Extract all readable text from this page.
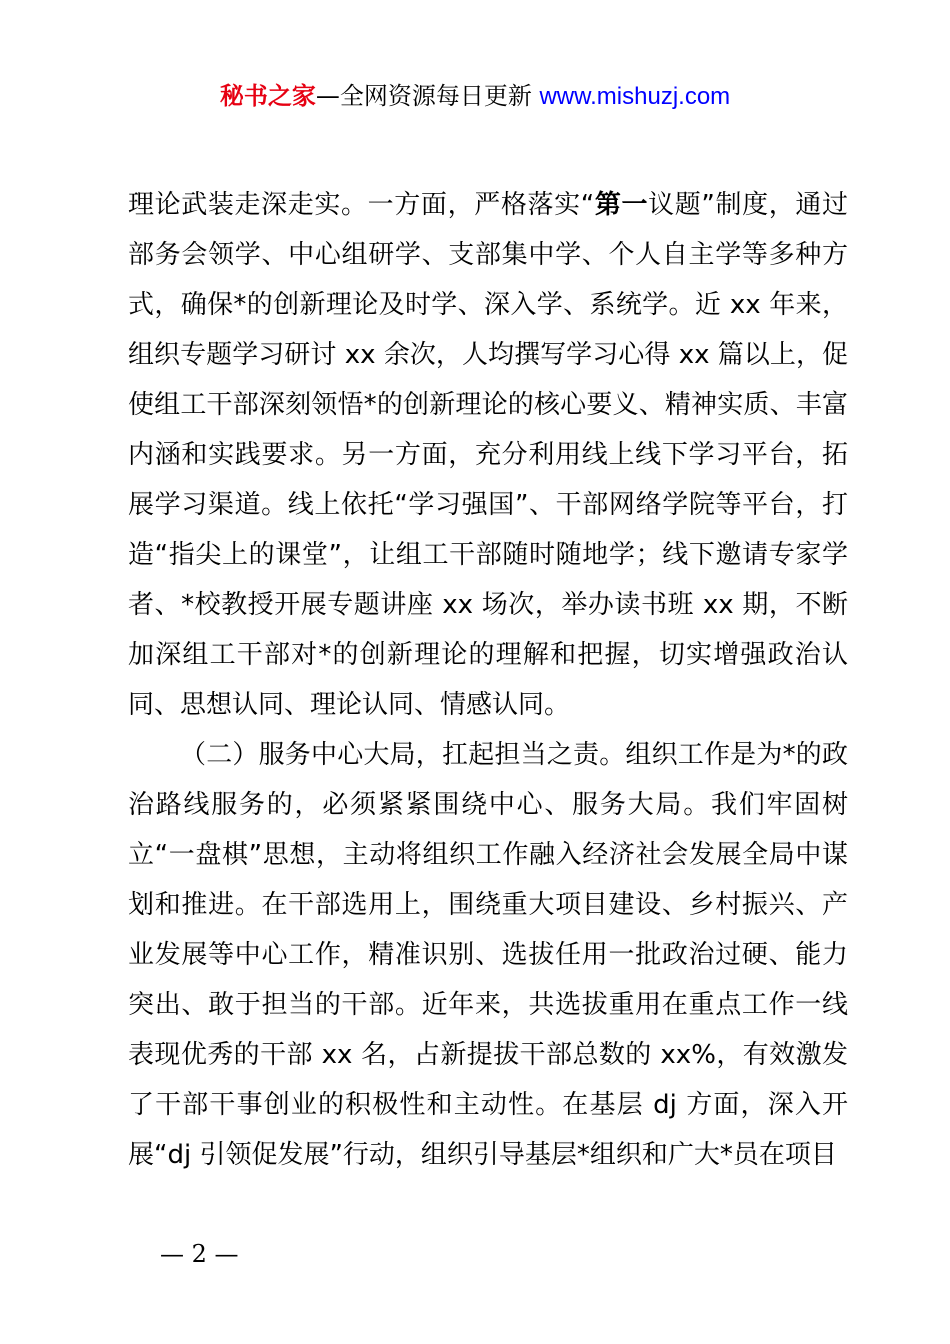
秘书之家—全网资源每日更新 www.mishuzj.com

理论武装走深走实。一方面，严格落实“第一议题”制度，通过部务会领学、中心组研学、支部集中学、个人自主学等多种方式，确保*的创新理论及时学、深入学、系统学。近 xx 年来，组织专题学习研讨 xx 余次，人均撰写学习心得 xx 篇以上，促使组工干部深刻领悟*的创新理论的核心要义、精神实质、丰富内涵和实践要求。另一方面，充分利用线上线下学习平台，拓展学习渠道。线上依托“学习强国”、干部网络学院等平台，打造“指尖上的课堂”，让组工干部随时随地学；线下邀请专家学者、*校教授开展专题讲座 xx 场次，举办读书班 xx 期，不断加深组工干部对*的创新理论的理解和把握，切实增强政治认同、思想认同、理论认同、情感认同。

（二）服务中心大局，扛起担当之责。组织工作是为*的政治路线服务的，必须紧紧围绕中心、服务大局。我们牢固树立“一盘棋”思想，主动将组织工作融入经济社会发展全局中谋划和推进。在干部选用上，围绕重大项目建设、乡村振兴、产业发展等中心工作，精准识别、选拔任用一批政治过硬、能力突出、敢于担当的干部。近年来，共选拔重用在重点工作一线表现优秀的干部 xx 名，占新提拔干部总数的 xx%，有效激发了干部干事创业的积极性和主动性。在基层 dj 方面，深入开展“dj 引领促发展”行动，组织引导基层*组织和广大*员在项目

— 2 —
